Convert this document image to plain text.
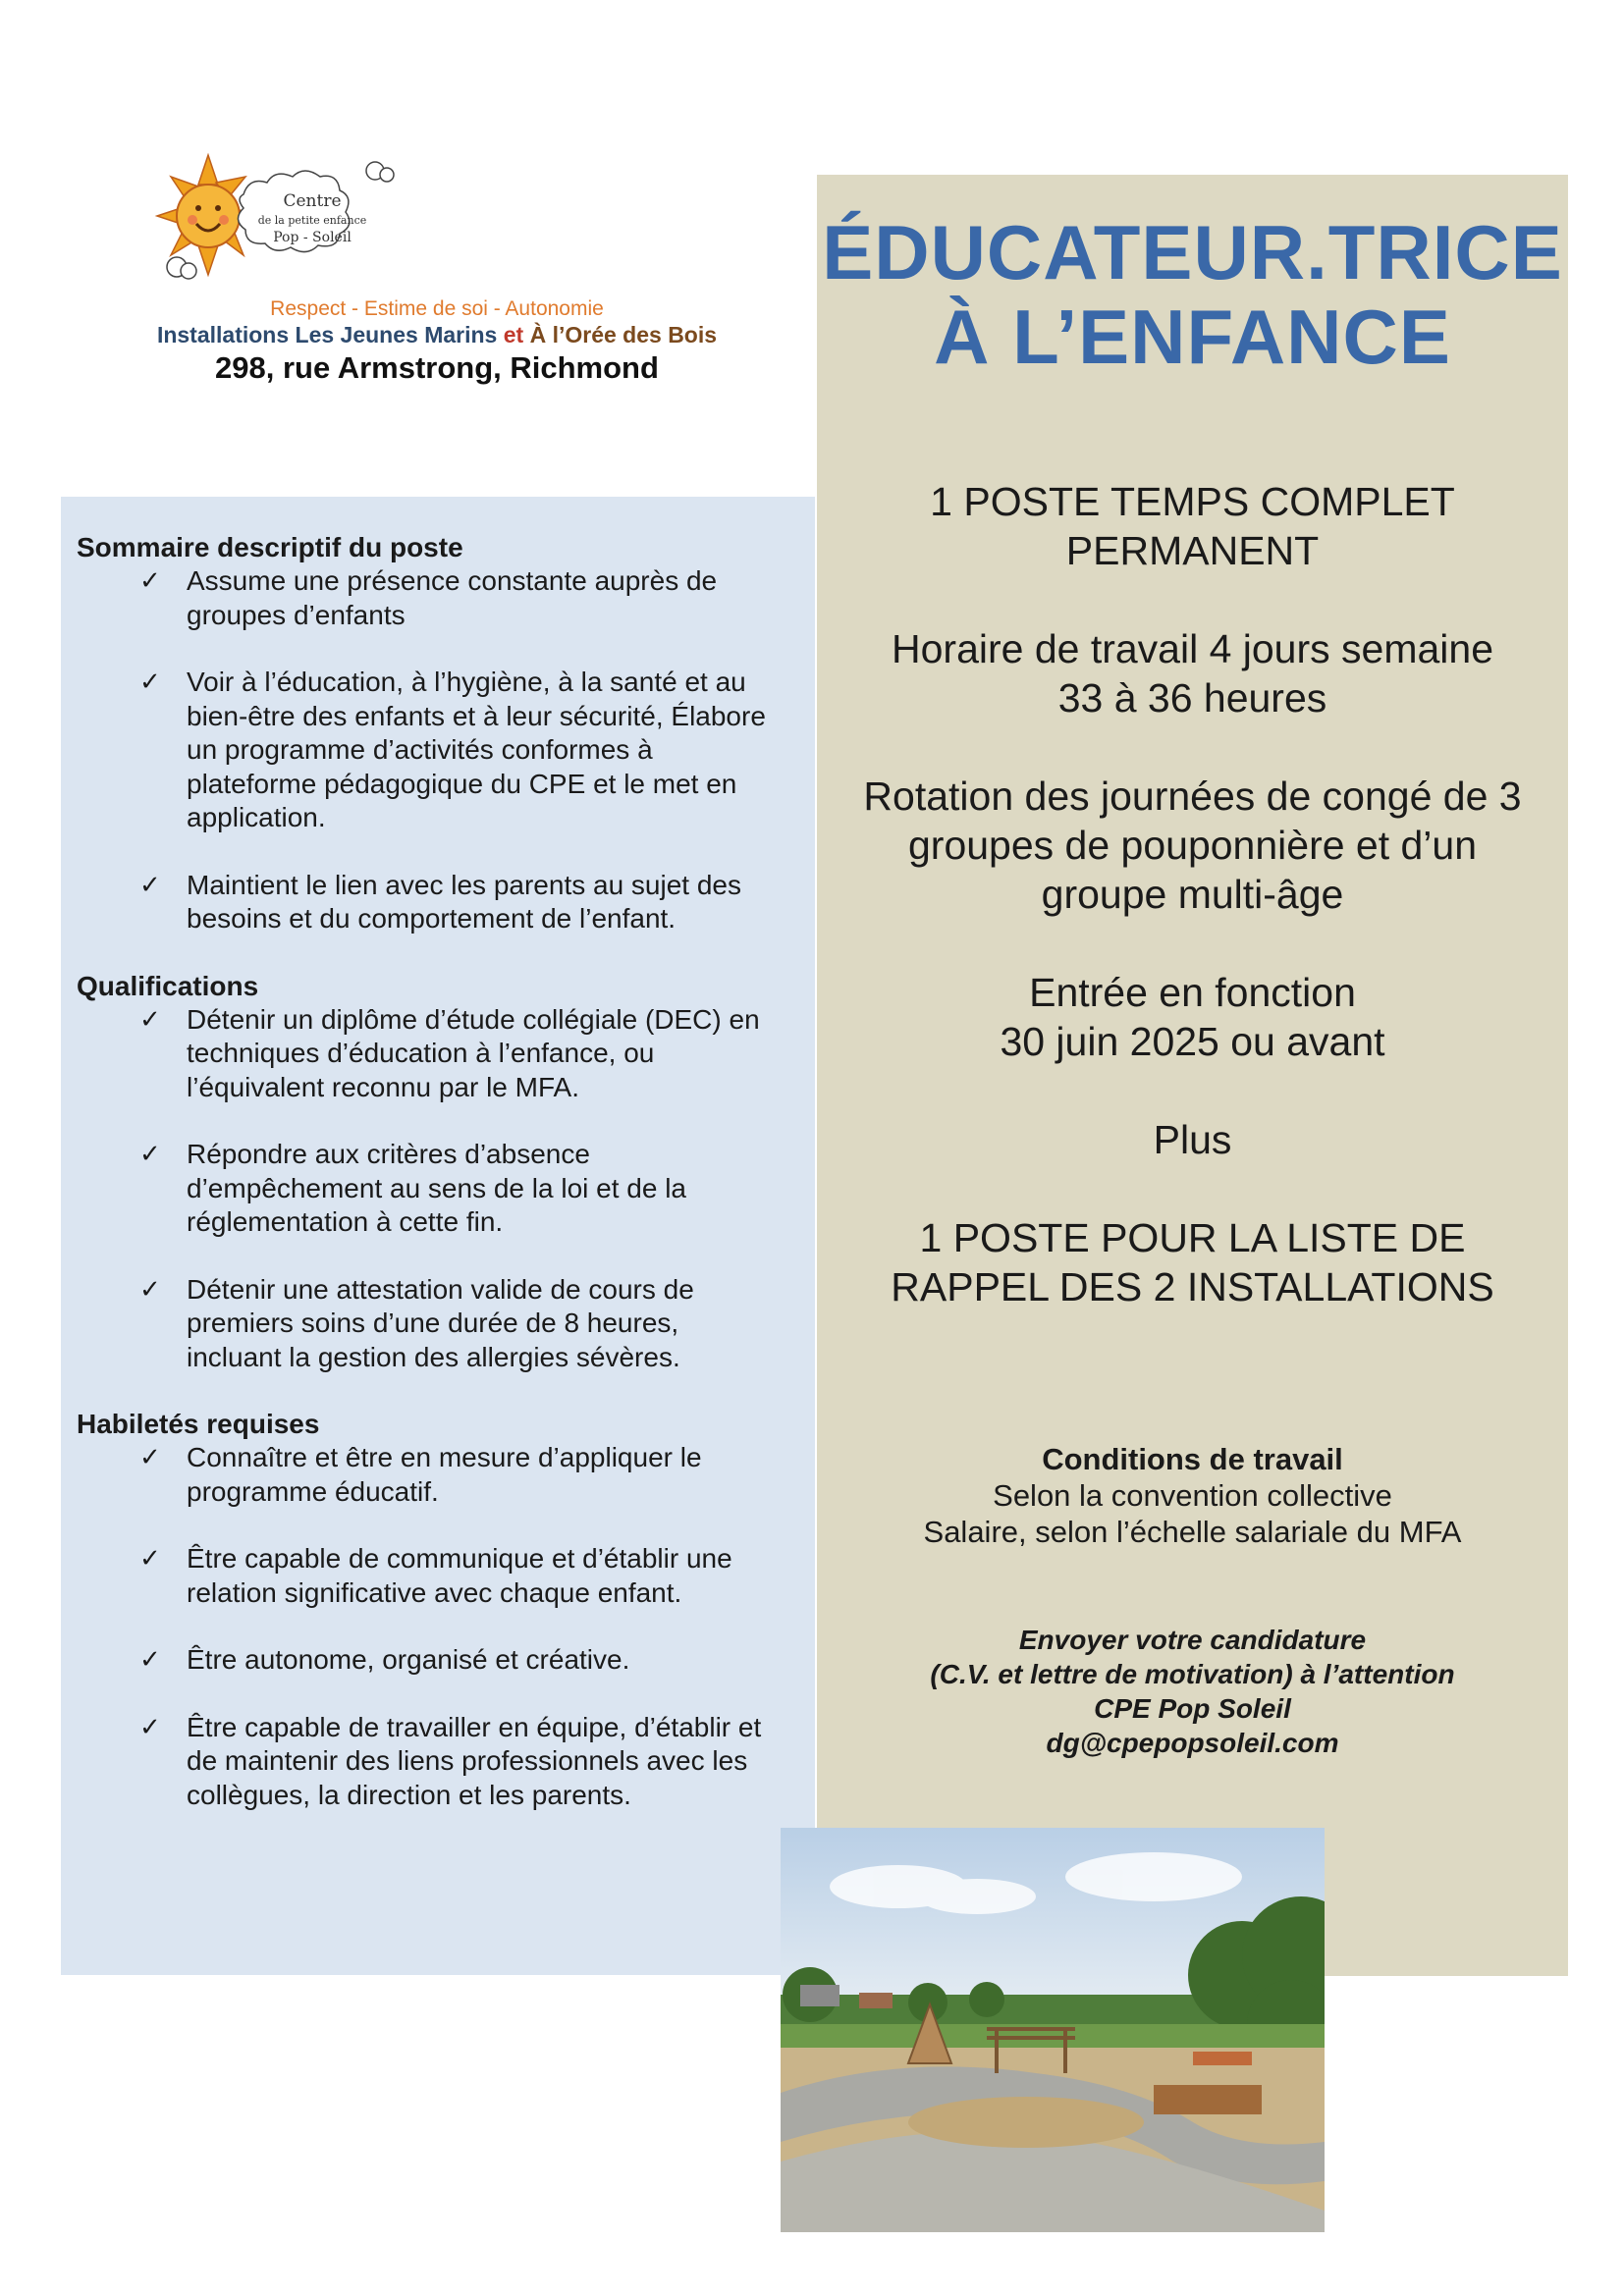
Centre
de la petite enfance
Pop - Soleil
Respect - Estime de soi - Autonomie
Installations Les Jeunes Marins et À l’Orée des Bois
298, rue Armstrong, Richmond
ÉDUCATEUR.TRICE
À L’ENFANCE

1 POSTE TEMPS COMPLET
PERMANENT

Horaire de travail 4 jours semaine
33 à 36 heures

Rotation des journées de congé de 3
groupes de pouponnière et d’un
groupe multi-âge

Entrée en fonction
30 juin 2025 ou avant

Plus

1 POSTE POUR LA LISTE DE
RAPPEL DES 2 INSTALLATIONS

Conditions de travail

Selon la convention collective

Salaire, selon l’échelle salariale du MFA

Envoyer votre candidature

(C.V. et lettre de motivation) à l’attention

CPE Pop Soleil

dg@cpepopsoleil.com

Sommaire descriptif du poste

✓ Assume une présence constante auprès de
groupes d’enfants
✓ Voir à l’éducation, à l’hygiène, à la santé et au
bien-être des enfants et à leur sécurité, Élabore
un programme d’activités conformes à
plateforme pédagogique du CPE et le met en
application.
✓ Maintient le lien avec les parents au sujet des
besoins et du comportement de l’enfant.

Qualifications

✓ Détenir un diplôme d’étude collégiale (DEC) en
techniques d’éducation à l’enfance, ou
l’équivalent reconnu par le MFA.
✓ Répondre aux critères d’absence
d’empêchement au sens de la loi et de la
réglementation à cette fin.
✓ Détenir une attestation valide de cours de
premiers soins d’une durée de 8 heures,
incluant la gestion des allergies sévères.

Habiletés requises

✓ Connaître et être en mesure d’appliquer le
programme éducatif.
✓ Être capable de communique et d’établir une
relation significative avec chaque enfant.
✓ Être autonome, organisé et créative.
✓ Être capable de travailler en équipe, d’établir et
de maintenir des liens professionnels avec les
collègues, la direction et les parents.
